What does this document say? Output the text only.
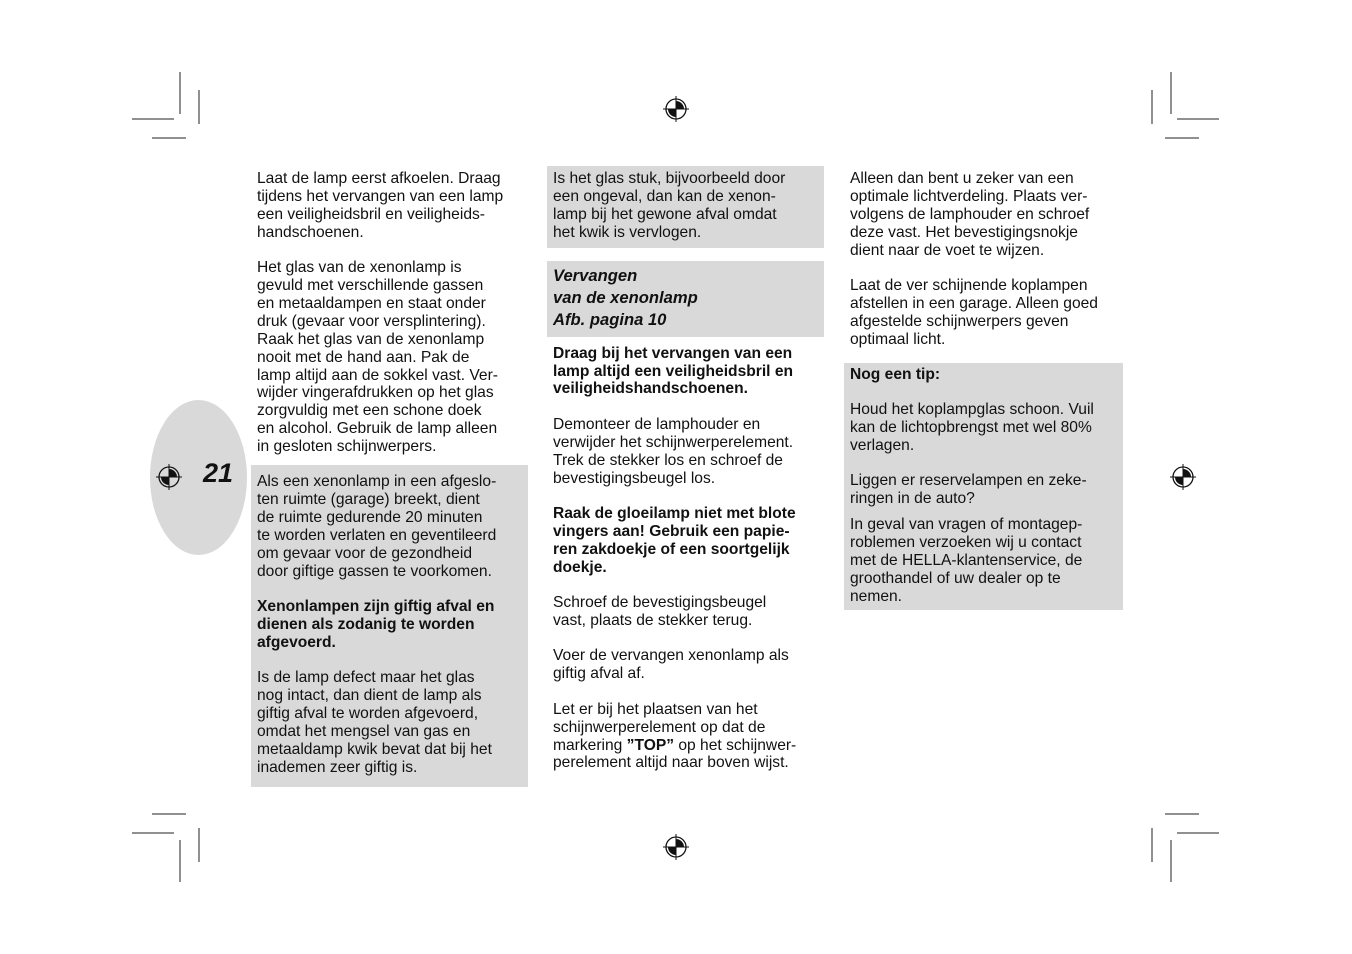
21

Laat de lamp eerst afkoelen. Draag
tijdens het vervangen van een lamp
een veiligheidsbril en veiligheids-
handschoenen.

Het glas van de xenonlamp is
gevuld met verschillende gassen
en metaaldampen en staat onder
druk (gevaar voor versplintering).
Raak het glas van de xenonlamp
nooit met de hand aan. Pak de
lamp altijd aan de sokkel vast. Ver-
wijder vingerafdrukken op het glas
zorgvuldig met een schone doek
en alcohol. Gebruik de lamp alleen
in gesloten schijnwerpers.

Als een xenonlamp in een afgeslo-
ten ruimte (garage) breekt, dient
de ruimte gedurende 20 minuten
te worden verlaten en geventileerd
om gevaar voor de gezondheid
door giftige gassen te voorkomen.

Xenonlampen zijn giftig afval en
dienen als zodanig te worden
afgevoerd.

Is de lamp defect maar het glas
nog intact, dan dient de lamp als
giftig afval te worden afgevoerd,
omdat het mengsel van gas en
metaaldamp kwik bevat dat bij het
inademen zeer giftig is.

Is het glas stuk, bijvoorbeeld door
een ongeval, dan kan de xenon-
lamp bij het gewone afval omdat
het kwik is vervlogen.

Vervangen
van de xenonlamp
Afb. pagina 10

Draag bij het vervangen van een
lamp altijd een veiligheidsbril en
veiligheidshandschoenen.

Demonteer de lamphouder en
verwijder het schijnwerperelement.
Trek de stekker los en schroef de
bevestigingsbeugel los.

Raak de gloeilamp niet met blote
vingers aan! Gebruik een papie-
ren zakdoekje of een soortgelijk
doekje.

Schroef de bevestigingsbeugel
vast, plaats de stekker terug.

Voer de vervangen xenonlamp als
giftig afval af.

Let er bij het plaatsen van het
schijnwerperelement op dat de
markering ”TOP” op het schijnwer-
perelement altijd naar boven wijst.

Alleen dan bent u zeker van een
optimale lichtverdeling. Plaats ver-
volgens de lamphouder en schroef
deze vast. Het bevestigingsnokje
dient naar de voet te wijzen.

Laat de ver schijnende koplampen
afstellen in een garage. Alleen goed
afgestelde schijnwerpers geven
optimaal licht.

Nog een tip:

Houd het koplampglas schoon. Vuil
kan de lichtopbrengst met wel 80%
verlagen.

Liggen er reservelampen en zeke-
ringen in de auto?

In geval van vragen of montagep-
roblemen verzoeken wij u contact
met de HELLA-klantenservice, de
groothandel of uw dealer op te
nemen.
